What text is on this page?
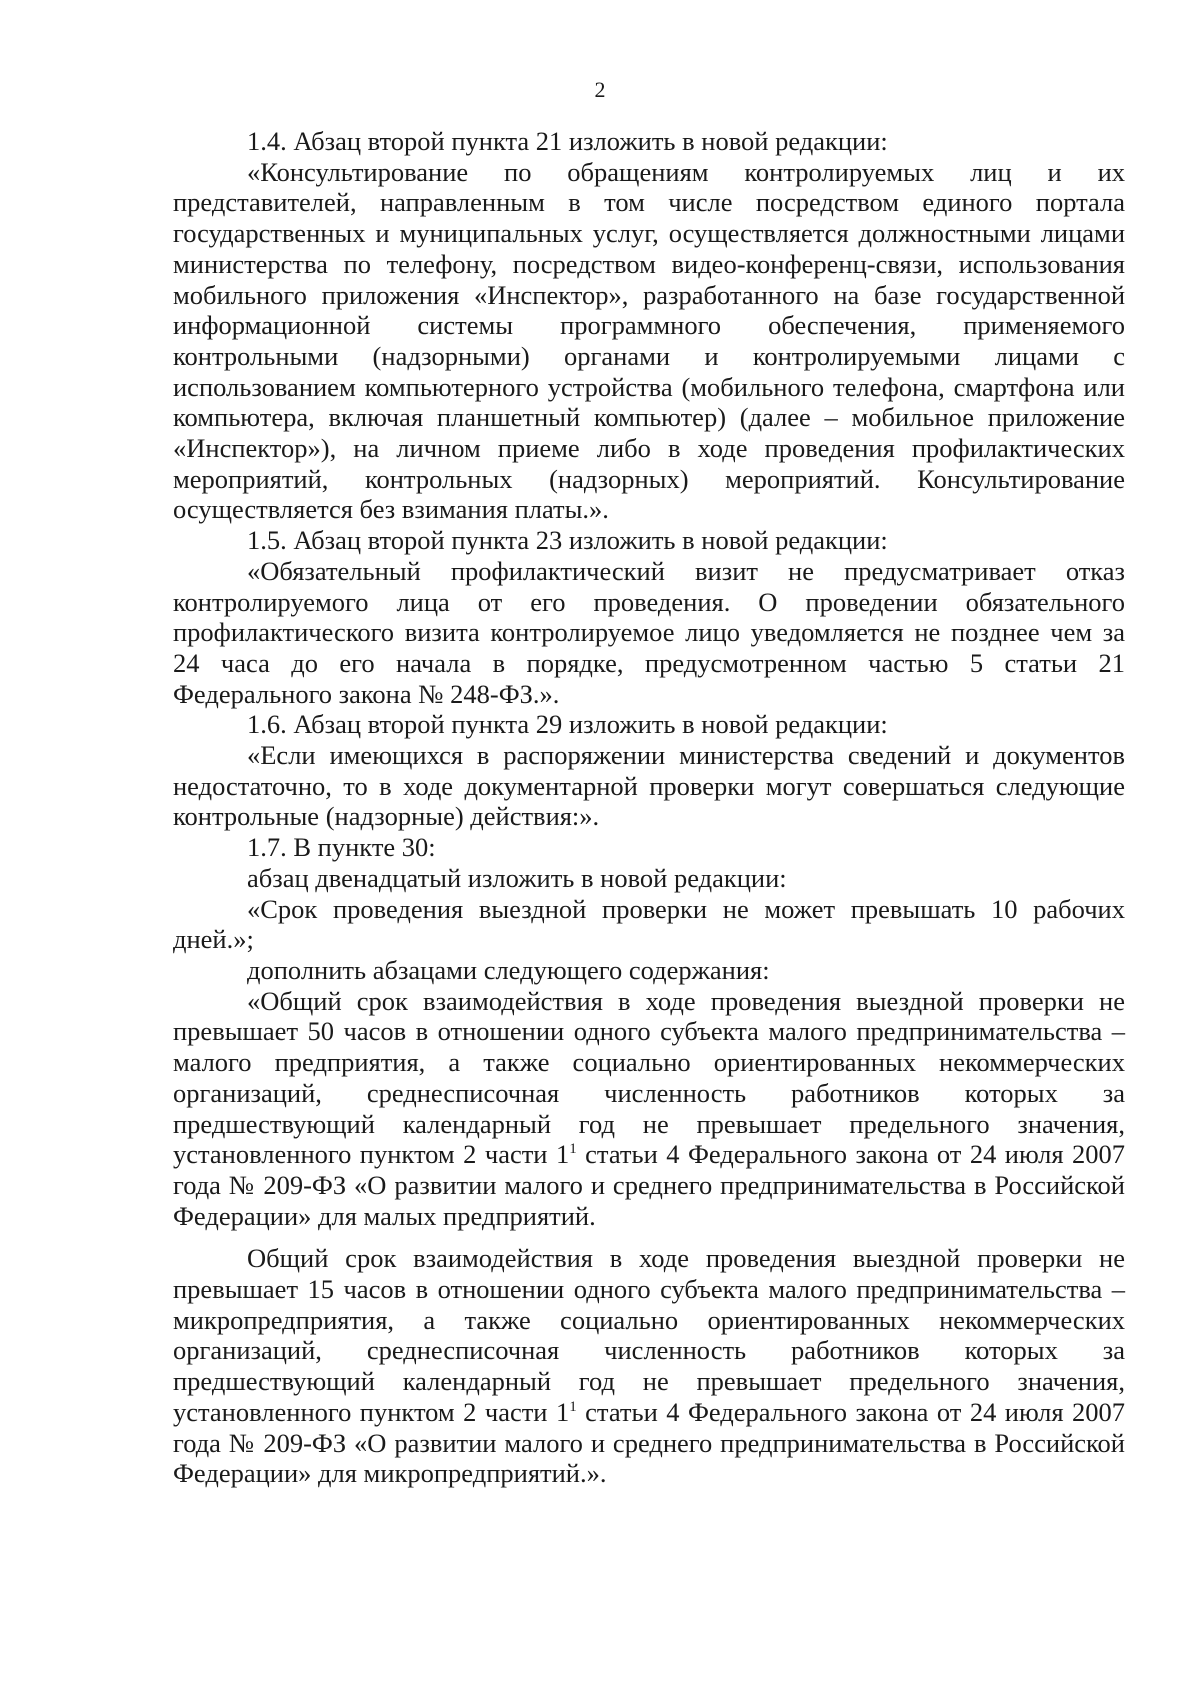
2

1.4. Абзац второй пункта 21 изложить в новой редакции:

«Консультирование по обращениям контролируемых лиц и их представителей, направленным в том числе посредством единого портала государственных и муниципальных услуг, осуществляется должностными лицами министерства по телефону, посредством видео-конференц-связи, использования мобильного приложения «Инспектор», разработанного на базе государственной информационной системы программного обеспечения, применяемого контрольными (надзорными) органами и контролируемыми лицами с использованием компьютерного устройства (мобильного телефона, смартфона или компьютера, включая планшетный компьютер) (далее – мобильное приложение «Инспектор»), на личном приеме либо в ходе проведения профилактических мероприятий, контрольных (надзорных) мероприятий. Консультирование осуществляется без взимания платы.».

1.5. Абзац второй пункта 23 изложить в новой редакции:

«Обязательный профилактический визит не предусматривает отказ контролируемого лица от его проведения. О проведении обязательного профилактического визита контролируемое лицо уведомляется не позднее чем за 24 часа до его начала в порядке, предусмотренном частью 5 статьи 21 Федерального закона № 248-ФЗ.».

1.6. Абзац второй пункта 29 изложить в новой редакции:

«Если имеющихся в распоряжении министерства сведений и документов недостаточно, то в ходе документарной проверки могут совершаться следующие контрольные (надзорные) действия:».

1.7. В пункте 30:

абзац двенадцатый изложить в новой редакции:

«Срок проведения выездной проверки не может превышать 10 рабочих дней.»;

дополнить абзацами следующего содержания:

«Общий срок взаимодействия в ходе проведения выездной проверки не превышает 50 часов в отношении одного субъекта малого предпринимательства – малого предприятия, а также социально ориентированных некоммерческих организаций, среднесписочная численность работников которых за предшествующий календарный год не превышает предельного значения, установленного пунктом 2 части $1^1$ статьи 4 Федерального закона от 24 июля 2007 года № 209-ФЗ «О развитии малого и среднего предпринимательства в Российской Федерации» для малых предприятий.

Общий срок взаимодействия в ходе проведения выездной проверки не превышает 15 часов в отношении одного субъекта малого предпринимательства – микропредприятия, а также социально ориентированных некоммерческих организаций, среднесписочная численность работников которых за предшествующий календарный год не превышает предельного значения, установленного пунктом 2 части $1^1$ статьи 4 Федерального закона от 24 июля 2007 года № 209-ФЗ «О развитии малого и среднего предпринимательства в Российской Федерации» для микропредприятий.».
